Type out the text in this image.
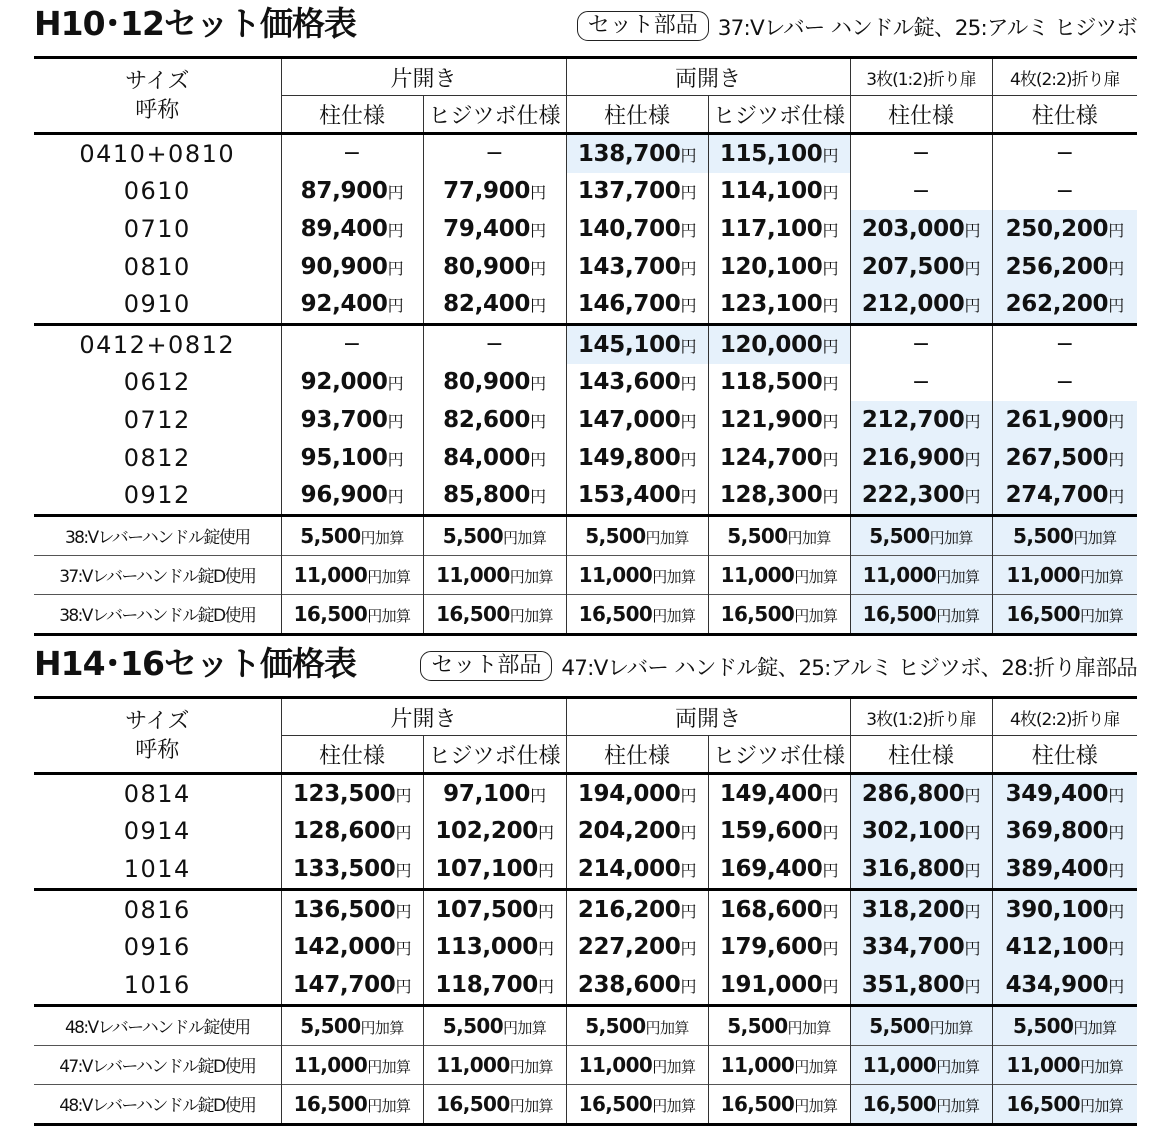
H10･12セット価格表	セット部品 37:Vレバー ハンドル錠、25:アルミ ヒジツボ
サイズ
呼称	片開き		両開き		3枚(1:2)折り扉	4枚(2:2)折り扉
	柱仕様	ヒジツボ仕様	柱仕様	ヒジツボ仕様	柱仕様	柱仕様
0410+0810	−	−	138,700円	115,100円	−	−
0610	87,900円	77,900円	137,700円	114,100円	−	−
0710	89,400円	79,400円	140,700円	117,100円	203,000円	250,200円
0810	90,900円	80,900円	143,700円	120,100円	207,500円	256,200円
0910	92,400円	82,400円	146,700円	123,100円	212,000円	262,200円
0412+0812	−	−	145,100円	120,000円	−	−
0612	92,000円	80,900円	143,600円	118,500円	−	−
0712	93,700円	82,600円	147,000円	121,900円	212,700円	261,900円
0812	95,100円	84,000円	149,800円	124,700円	216,900円	267,500円
0912	96,900円	85,800円	153,400円	128,300円	222,300円	274,700円
38:Vレバーハンドル錠使用	5,500円加算	5,500円加算	5,500円加算	5,500円加算	5,500円加算	5,500円加算
37:Vレバーハンドル錠D使用	11,000円加算	11,000円加算	11,000円加算	11,000円加算	11,000円加算	11,000円加算
38:Vレバーハンドル錠D使用	16,500円加算	16,500円加算	16,500円加算	16,500円加算	16,500円加算	16,500円加算
H14･16セット価格表	セット部品 47:Vレバー ハンドル錠、25:アルミ ヒジツボ、28:折り扉部品
サイズ
呼称	片開き		両開き		3枚(1:2)折り扉	4枚(2:2)折り扉
	柱仕様	ヒジツボ仕様	柱仕様	ヒジツボ仕様	柱仕様	柱仕様
0814	123,500円	97,100円	194,000円	149,400円	286,800円	349,400円
0914	128,600円	102,200円	204,200円	159,600円	302,100円	369,800円
1014	133,500円	107,100円	214,000円	169,400円	316,800円	389,400円
0816	136,500円	107,500円	216,200円	168,600円	318,200円	390,100円
0916	142,000円	113,000円	227,200円	179,600円	334,700円	412,100円
1016	147,700円	118,700円	238,600円	191,000円	351,800円	434,900円
48:Vレバーハンドル錠使用	5,500円加算	5,500円加算	5,500円加算	5,500円加算	5,500円加算	5,500円加算
47:Vレバーハンドル錠D使用	11,000円加算	11,000円加算	11,000円加算	11,000円加算	11,000円加算	11,000円加算
48:Vレバーハンドル錠D使用	16,500円加算	16,500円加算	16,500円加算	16,500円加算	16,500円加算	16,500円加算
